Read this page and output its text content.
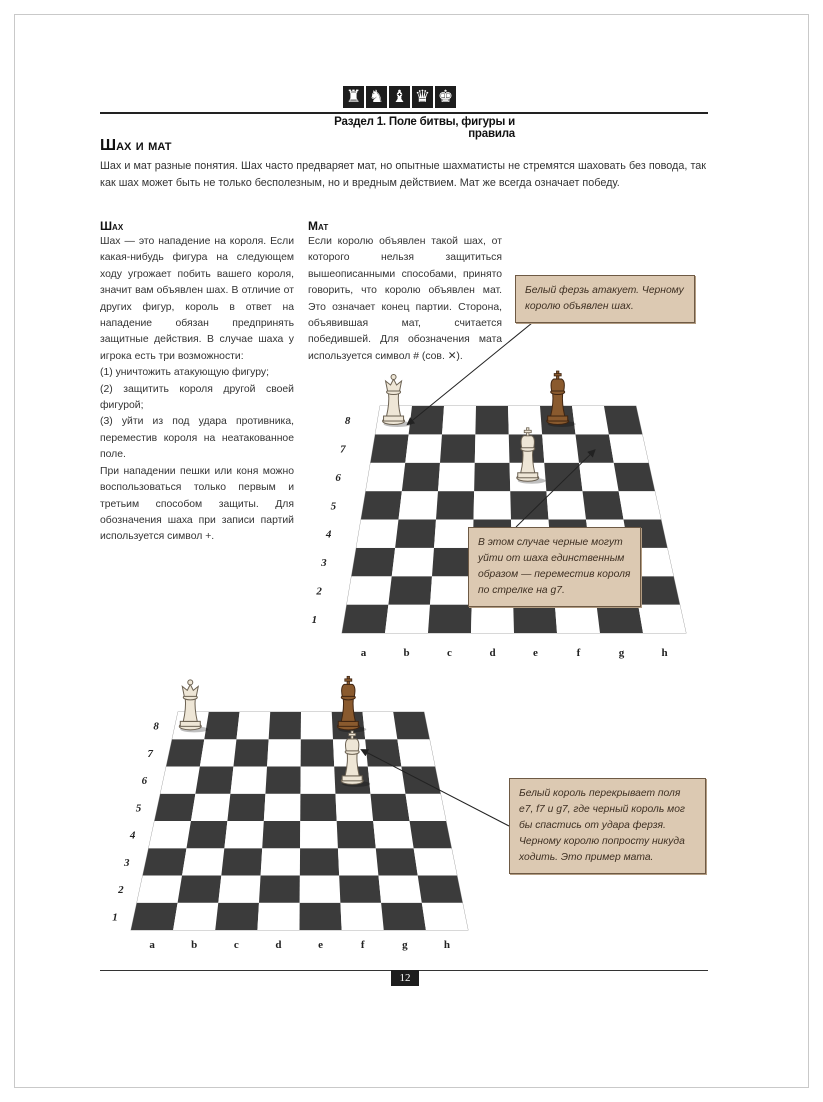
♜ ♞ ♝ ♛ ♚
Раздел 1. Поле битвы, фигуры и правила
Шах и мат
Шах и мат разные понятия. Шах часто предваряет мат, но опытные шахматисты не стремятся шаховать без повода, так как шах может быть не только бесполезным, но и вредным действием. Мат же всегда означает победу.
Шах

Шах — это нападение на короля. Если какая-нибудь фигура на следующем ходу угрожает побить вашего короля, значит вам объявлен шах. В отличие от других фигур, король в ответ на нападение обязан предпринять защитные действия. В случае шаха у игрока есть три возможности:

(1) уничтожить атакующую фигуру;

(2) защитить короля другой своей фигурой;

(3) уйти из под удара противника, переместив короля на неатакованное поле.

При нападении пешки или коня можно воспользоваться только первым и третьим способом защиты. Для обозначения шаха при записи партий используется символ +.

Мат

Если королю объявлен такой шах, от которого нельзя защититься вышеописанными способами, принято говорить, что королю объявлен мат. Это означает конец партии. Сторона, объявившая мат, считается победившей. Для обозначения мата используется символ # (сов. ✕).

a	b	c	d	e	f	g	h
1
2
3
4
5
6
7
8
a	b	c	d	e	f	g	h
1
2
3
4
5
6
7
8
Белый ферзь атакует. Черному королю объявлен шах.
В этом случае черные могут уйти от шаха единственным образом — переместив короля по стрелке на g7.
Белый король перекрывает поля e7, f7 и g7, где черный король мог бы спастись от удара ферзя. Черному королю попросту никуда ходить. Это пример мата.
12
